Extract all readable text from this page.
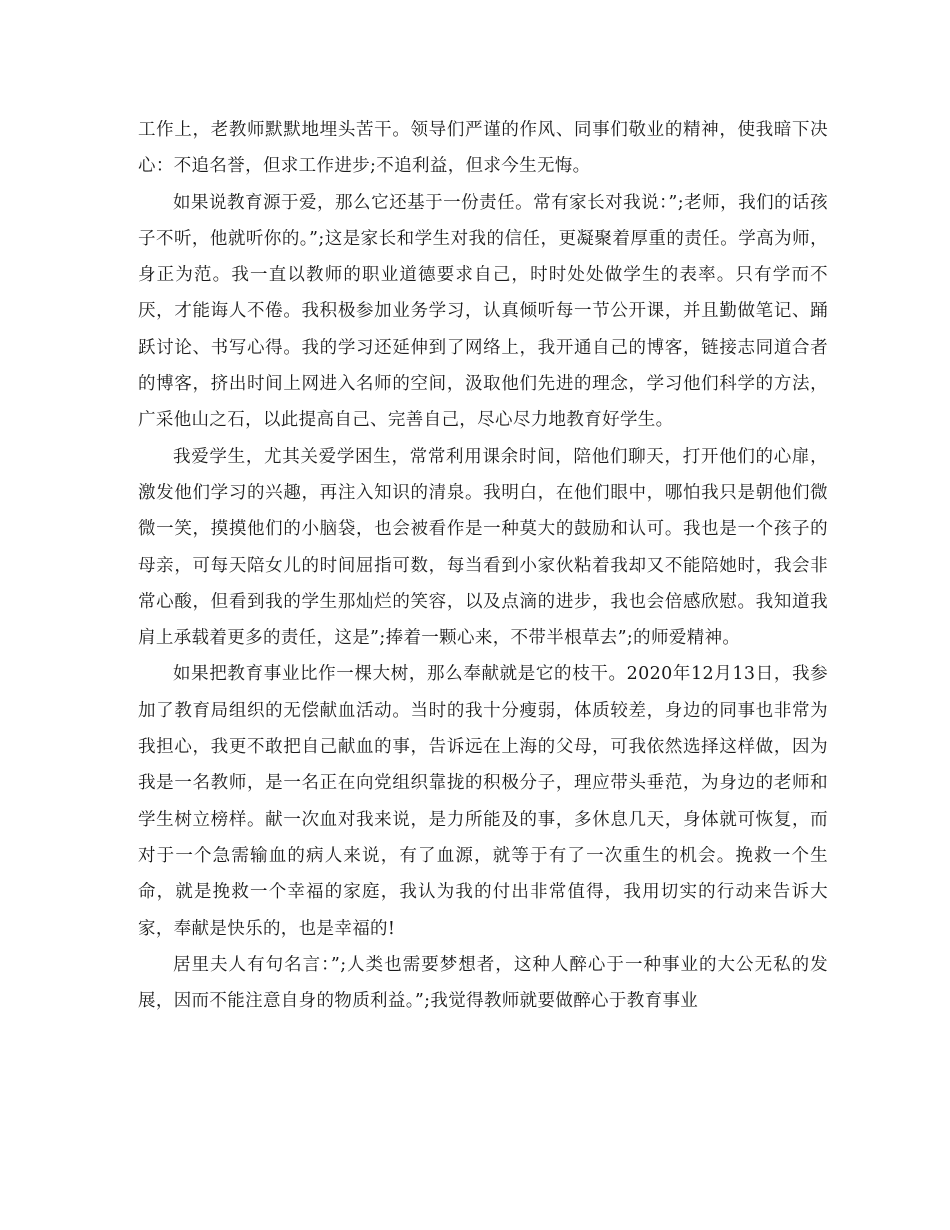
工作上，老教师默默地埋头苦干。领导们严谨的作风、同事们敬业的精神，使我暗下决心：不追名誉，但求工作进步;不追利益，但求今生无悔。

如果说教育源于爱，那么它还基于一份责任。常有家长对我说：”;老师，我们的话孩子不听，他就听你的。”;这是家长和学生对我的信任，更凝聚着厚重的责任。学高为师，身正为范。我一直以教师的职业道德要求自己，时时处处做学生的表率。只有学而不厌，才能诲人不倦。我积极参加业务学习，认真倾听每一节公开课，并且勤做笔记、踊跃讨论、书写心得。我的学习还延伸到了网络上，我开通自己的博客，链接志同道合者的博客，挤出时间上网进入名师的空间，汲取他们先进的理念，学习他们科学的方法，广采他山之石，以此提高自己、完善自己，尽心尽力地教育好学生。

我爱学生，尤其关爱学困生，常常利用课余时间，陪他们聊天，打开他们的心扉，激发他们学习的兴趣，再注入知识的清泉。我明白，在他们眼中，哪怕我只是朝他们微微一笑，摸摸他们的小脑袋，也会被看作是一种莫大的鼓励和认可。我也是一个孩子的母亲，可每天陪女儿的时间屈指可数，每当看到小家伙粘着我却又不能陪她时，我会非常心酸，但看到我的学生那灿烂的笑容，以及点滴的进步，我也会倍感欣慰。我知道我肩上承载着更多的责任，这是”;捧着一颗心来，不带半根草去”;的师爱精神。

如果把教育事业比作一棵大树，那么奉献就是它的枝干。2020年12月13日，我参加了教育局组织的无偿献血活动。当时的我十分瘦弱，体质较差，身边的同事也非常为我担心，我更不敢把自己献血的事，告诉远在上海的父母，可我依然选择这样做，因为我是一名教师，是一名正在向党组织靠拢的积极分子，理应带头垂范，为身边的老师和学生树立榜样。献一次血对我来说，是力所能及的事，多休息几天，身体就可恢复，而对于一个急需输血的病人来说，有了血源，就等于有了一次重生的机会。挽救一个生命，就是挽救一个幸福的家庭，我认为我的付出非常值得，我用切实的行动来告诉大家，奉献是快乐的，也是幸福的!

居里夫人有句名言：”;人类也需要梦想者，这种人醉心于一种事业的大公无私的发展，因而不能注意自身的物质利益。”;我觉得教师就要做醉心于教育事业
